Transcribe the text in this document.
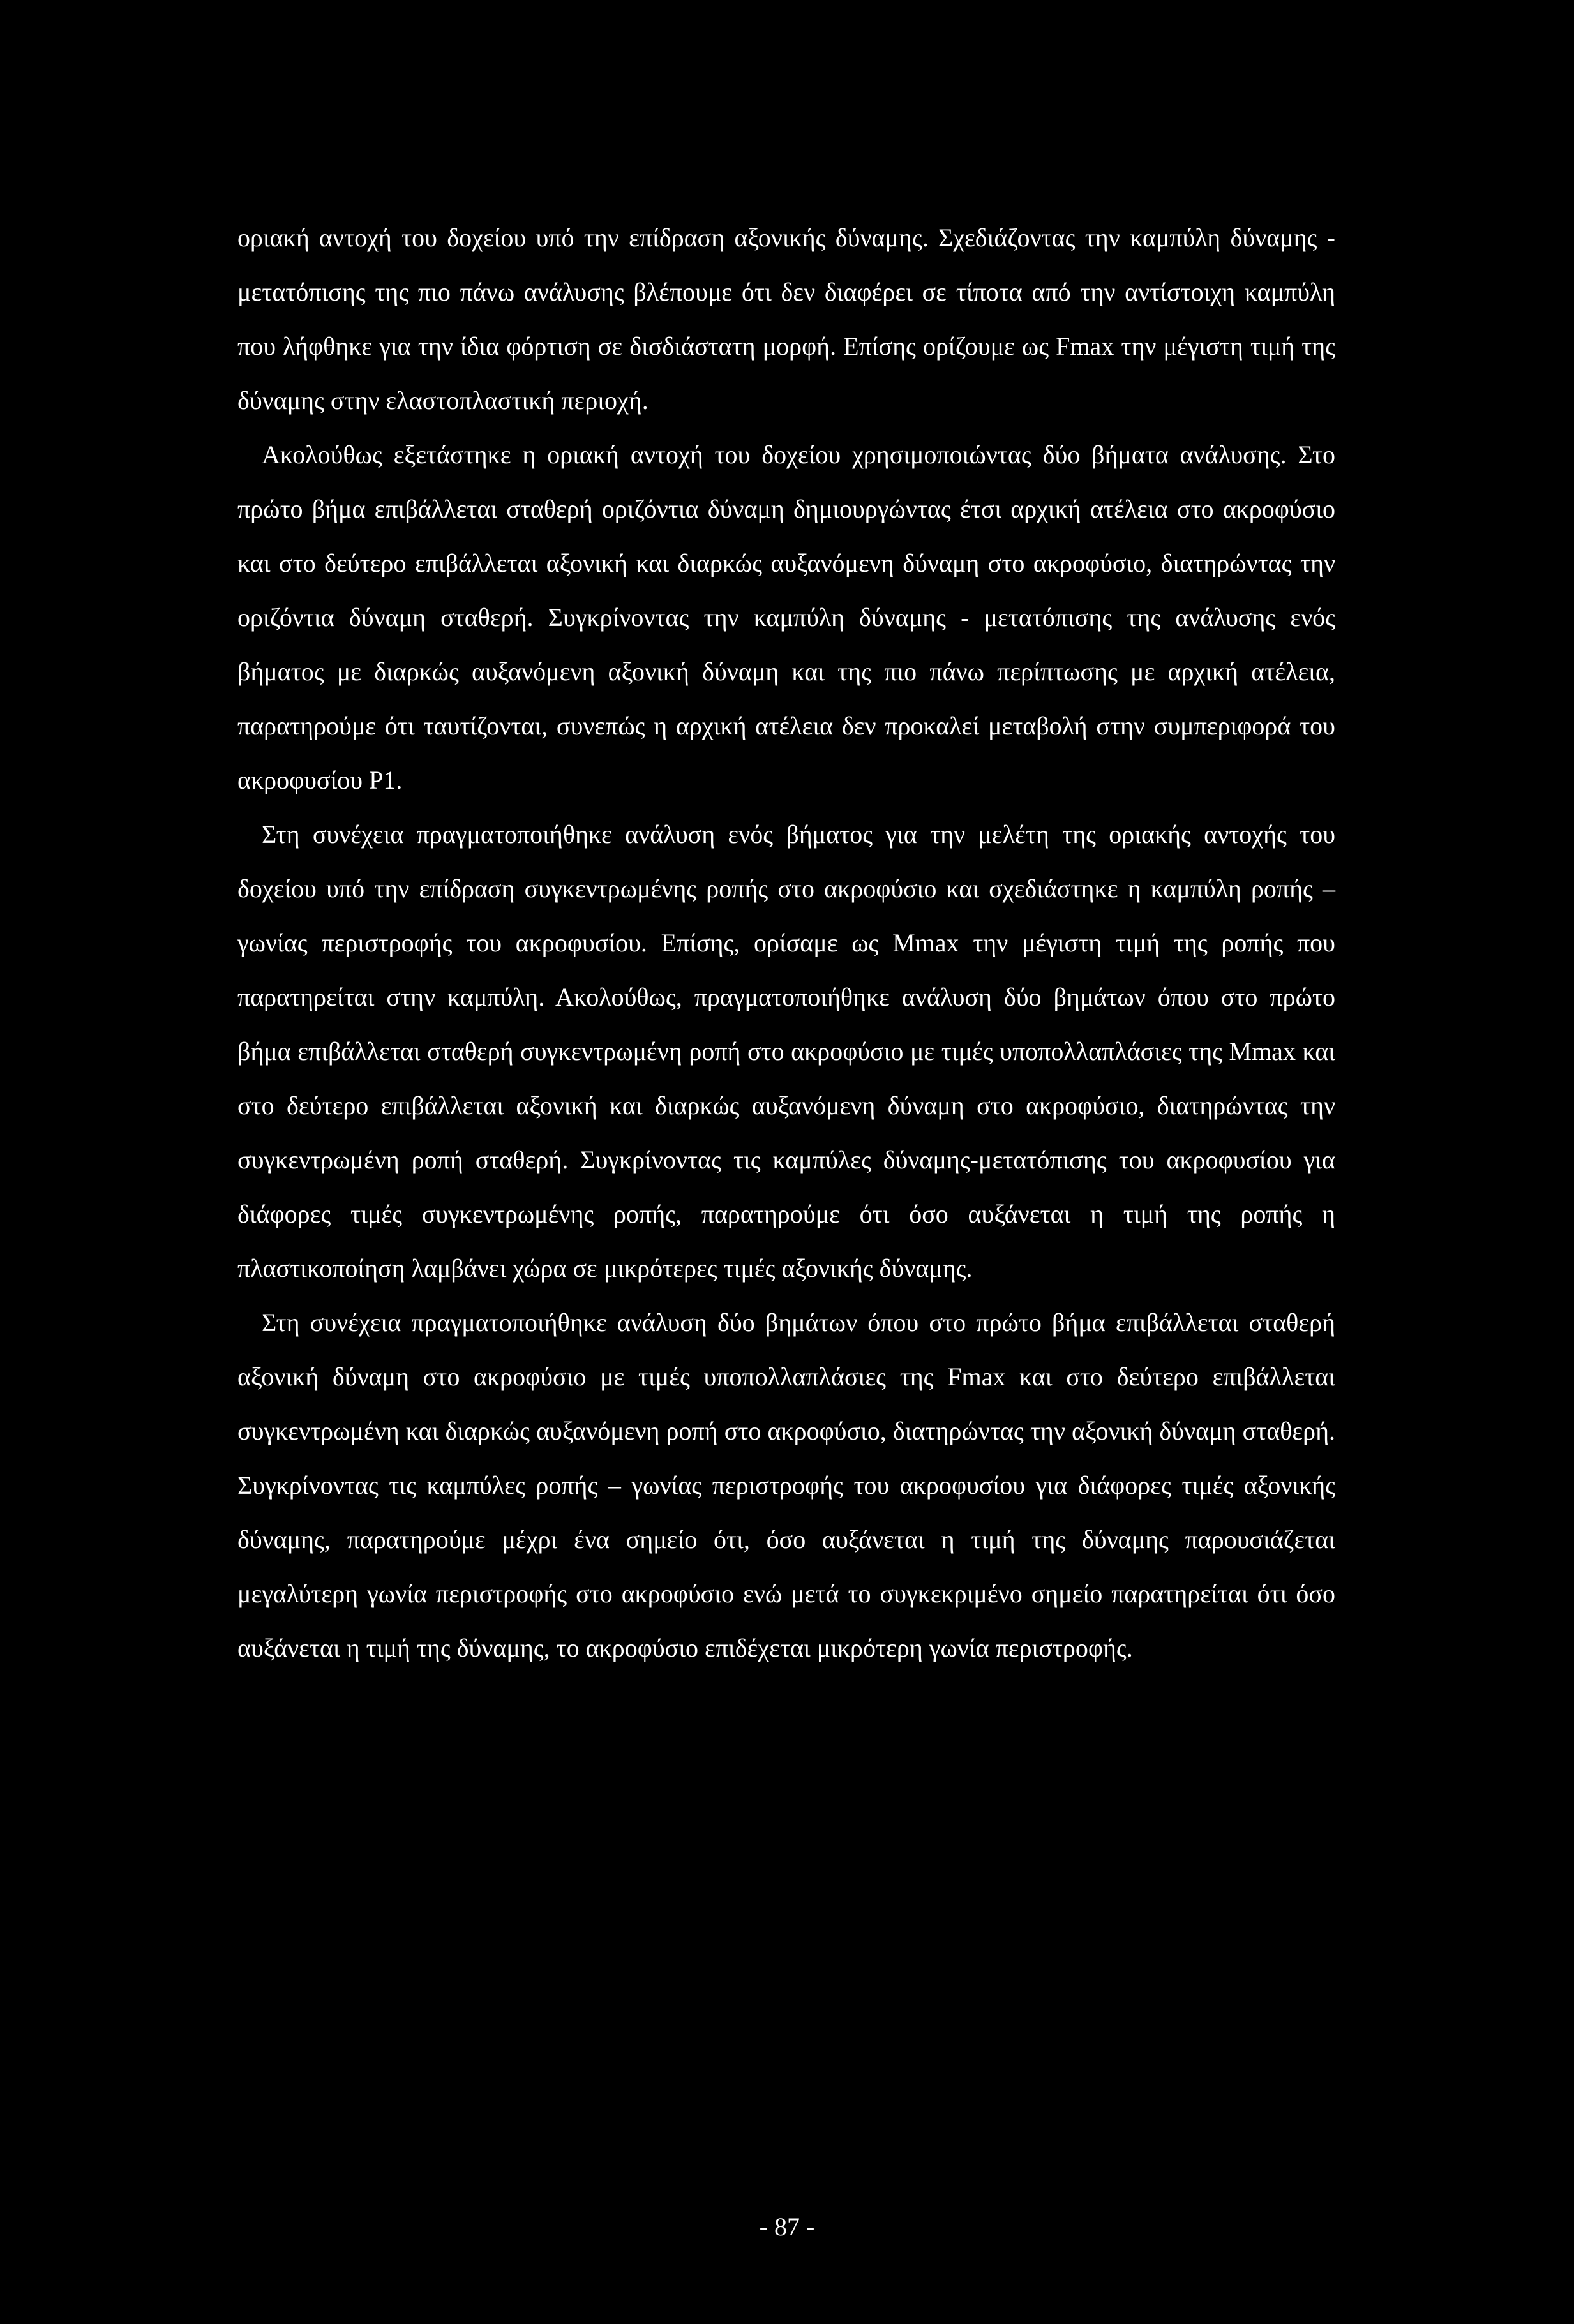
οριακή αντοχή του δοχείου υπό την επίδραση αξονικής δύναμης. Σχεδιάζοντας την καμπύλη δύναμης - μετατόπισης της πιο πάνω ανάλυσης βλέπουμε ότι δεν διαφέρει σε τίποτα από την αντίστοιχη καμπύλη που λήφθηκε για την ίδια φόρτιση σε δισδιάστατη μορφή. Επίσης ορίζουμε ως Fmax την μέγιστη τιμή της δύναμης στην ελαστοπλαστική περιοχή.

Ακολούθως εξετάστηκε η οριακή αντοχή του δοχείου χρησιμοποιώντας δύο βήματα ανάλυσης. Στο πρώτο βήμα επιβάλλεται σταθερή οριζόντια δύναμη δημιουργώντας έτσι αρχική ατέλεια στο ακροφύσιο και στο δεύτερο επιβάλλεται αξονική και διαρκώς αυξανόμενη δύναμη στο ακροφύσιο, διατηρώντας την οριζόντια δύναμη σταθερή. Συγκρίνοντας την καμπύλη δύναμης - μετατόπισης της ανάλυσης ενός βήματος με διαρκώς αυξανόμενη αξονική δύναμη και της πιο πάνω περίπτωσης με αρχική ατέλεια, παρατηρούμε ότι ταυτίζονται, συνεπώς η αρχική ατέλεια δεν προκαλεί μεταβολή στην συμπεριφορά του ακροφυσίου P1.

Στη συνέχεια πραγματοποιήθηκε ανάλυση ενός βήματος για την μελέτη της οριακής αντοχής του δοχείου υπό την επίδραση συγκεντρωμένης ροπής στο ακροφύσιο και σχεδιάστηκε η καμπύλη ροπής – γωνίας περιστροφής του ακροφυσίου. Επίσης, ορίσαμε ως Mmax την μέγιστη τιμή της ροπής που παρατηρείται στην καμπύλη. Ακολούθως, πραγματοποιήθηκε ανάλυση δύο βημάτων όπου στο πρώτο βήμα επιβάλλεται σταθερή συγκεντρωμένη ροπή στο ακροφύσιο με τιμές υποπολλαπλάσιες της Mmax και στο δεύτερο επιβάλλεται αξονική και διαρκώς αυξανόμενη δύναμη στο ακροφύσιο, διατηρώντας την συγκεντρωμένη ροπή σταθερή. Συγκρίνοντας τις καμπύλες δύναμης-μετατόπισης του ακροφυσίου για διάφορες τιμές συγκεντρωμένης ροπής, παρατηρούμε ότι όσο αυξάνεται η τιμή της ροπής η πλαστικοποίηση λαμβάνει χώρα σε μικρότερες τιμές αξονικής δύναμης.

Στη συνέχεια πραγματοποιήθηκε ανάλυση δύο βημάτων όπου στο πρώτο βήμα επιβάλλεται σταθερή αξονική δύναμη στο ακροφύσιο με τιμές υποπολλαπλάσιες της Fmax και στο δεύτερο επιβάλλεται συγκεντρωμένη και διαρκώς αυξανόμενη ροπή στο ακροφύσιο, διατηρώντας την αξονική δύναμη σταθερή. Συγκρίνοντας τις καμπύλες ροπής – γωνίας περιστροφής του ακροφυσίου για διάφορες τιμές αξονικής δύναμης, παρατηρούμε μέχρι ένα σημείο ότι, όσο αυξάνεται η τιμή της δύναμης παρουσιάζεται μεγαλύτερη γωνία περιστροφής στο ακροφύσιο ενώ μετά το συγκεκριμένο σημείο παρατηρείται ότι όσο αυξάνεται η τιμή της δύναμης, το ακροφύσιο επιδέχεται μικρότερη γωνία περιστροφής.

- 87 -
